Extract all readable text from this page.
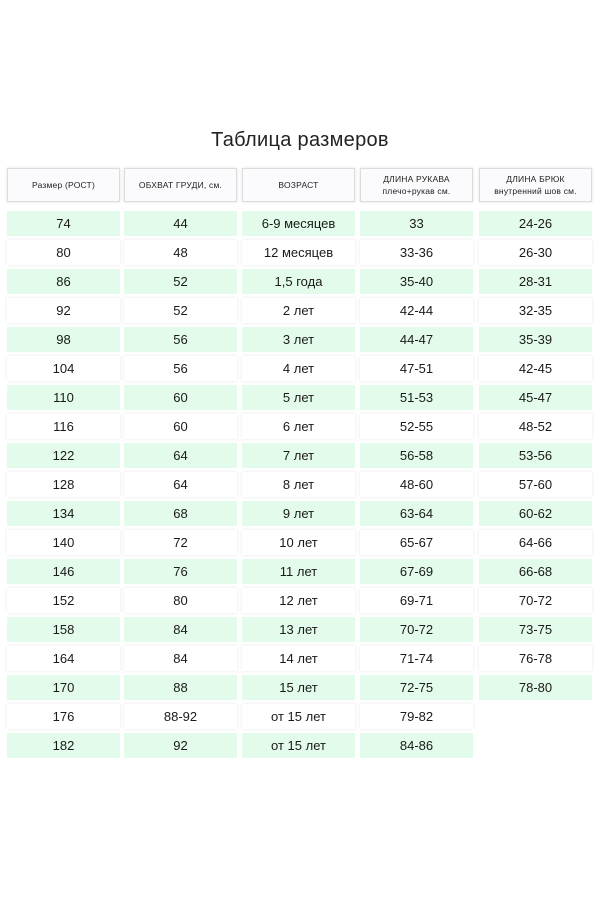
Таблица размеров
Размер (РОСТ)
74
80
86
92
98
104
110
116
122
128
134
140
146
152
158
164
170
176
182
ОБХВАТ ГРУДИ, см.
44
48
52
52
56
56
60
60
64
64
68
72
76
80
84
84
88
88-92
92
ВОЗРАСТ
6-9 месяцев
12 месяцев
1,5 года
2 лет
3 лет
4 лет
5 лет
6 лет
7 лет
8 лет
9 лет
10 лет
11 лет
12 лет
13 лет
14 лет
15 лет
от 15 лет
от 15 лет
ДЛИНА РУКАВА
плечо+рукав см.
33
33-36
35-40
42-44
44-47
47-51
51-53
52-55
56-58
48-60
63-64
65-67
67-69
69-71
70-72
71-74
72-75
79-82
84-86
ДЛИНА БРЮК
внутренний шов см.
24-26
26-30
28-31
32-35
35-39
42-45
45-47
48-52
53-56
57-60
60-62
64-66
66-68
70-72
73-75
76-78
78-80
